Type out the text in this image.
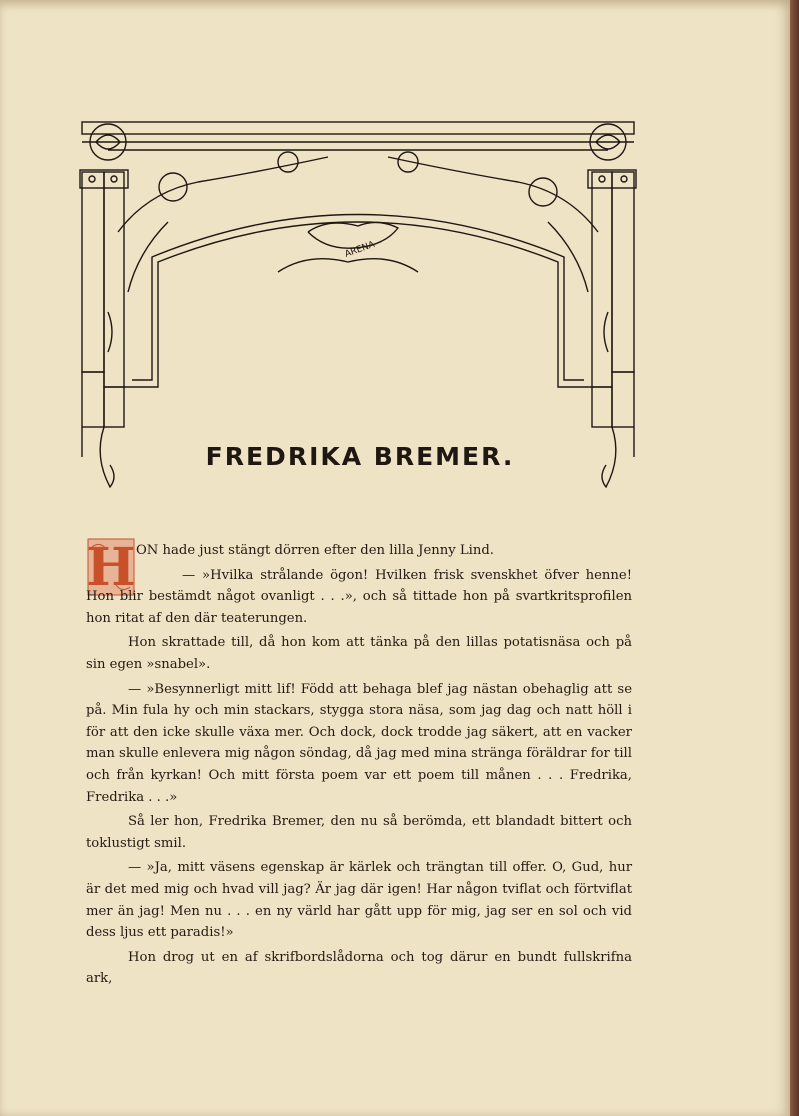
ARENA
FREDRIKA BREMER.
H ON hade just stängt dörren efter den lilla Jenny Lind.

— »Hvilka strålande ögon! Hvilken frisk svenskhet öfver henne! Hon blir bestämdt något ovanligt . . .», och så tittade hon på svartkritsprofilen hon ritat af den där teaterungen.

Hon skrattade till, då hon kom att tänka på den lillas potatisnäsa och på sin egen »snabel».

— »Besynnerligt mitt lif! Född att behaga blef jag nästan obehaglig att se på. Min fula hy och min stackars, stygga stora näsa, som jag dag och natt höll i för att den icke skulle växa mer. Och dock, dock trodde jag säkert, att en vacker man skulle enlevera mig någon söndag, då jag med mina stränga föräldrar for till och från kyrkan! Och mitt första poem var ett poem till månen . . . Fredrika, Fredrika . . .»

Så ler hon, Fredrika Bremer, den nu så berömda, ett blandadt bittert och toklustigt smil.

— »Ja, mitt väsens egenskap är kärlek och trängtan till offer. O, Gud, hur är det med mig och hvad vill jag? Är jag där igen! Har någon tviflat och förtviflat mer än jag! Men nu . . . en ny värld har gått upp för mig, jag ser en sol och vid dess ljus ett paradis!»

Hon drog ut en af skrifbordslådorna och tog därur en bundt fullskrifna ark,
